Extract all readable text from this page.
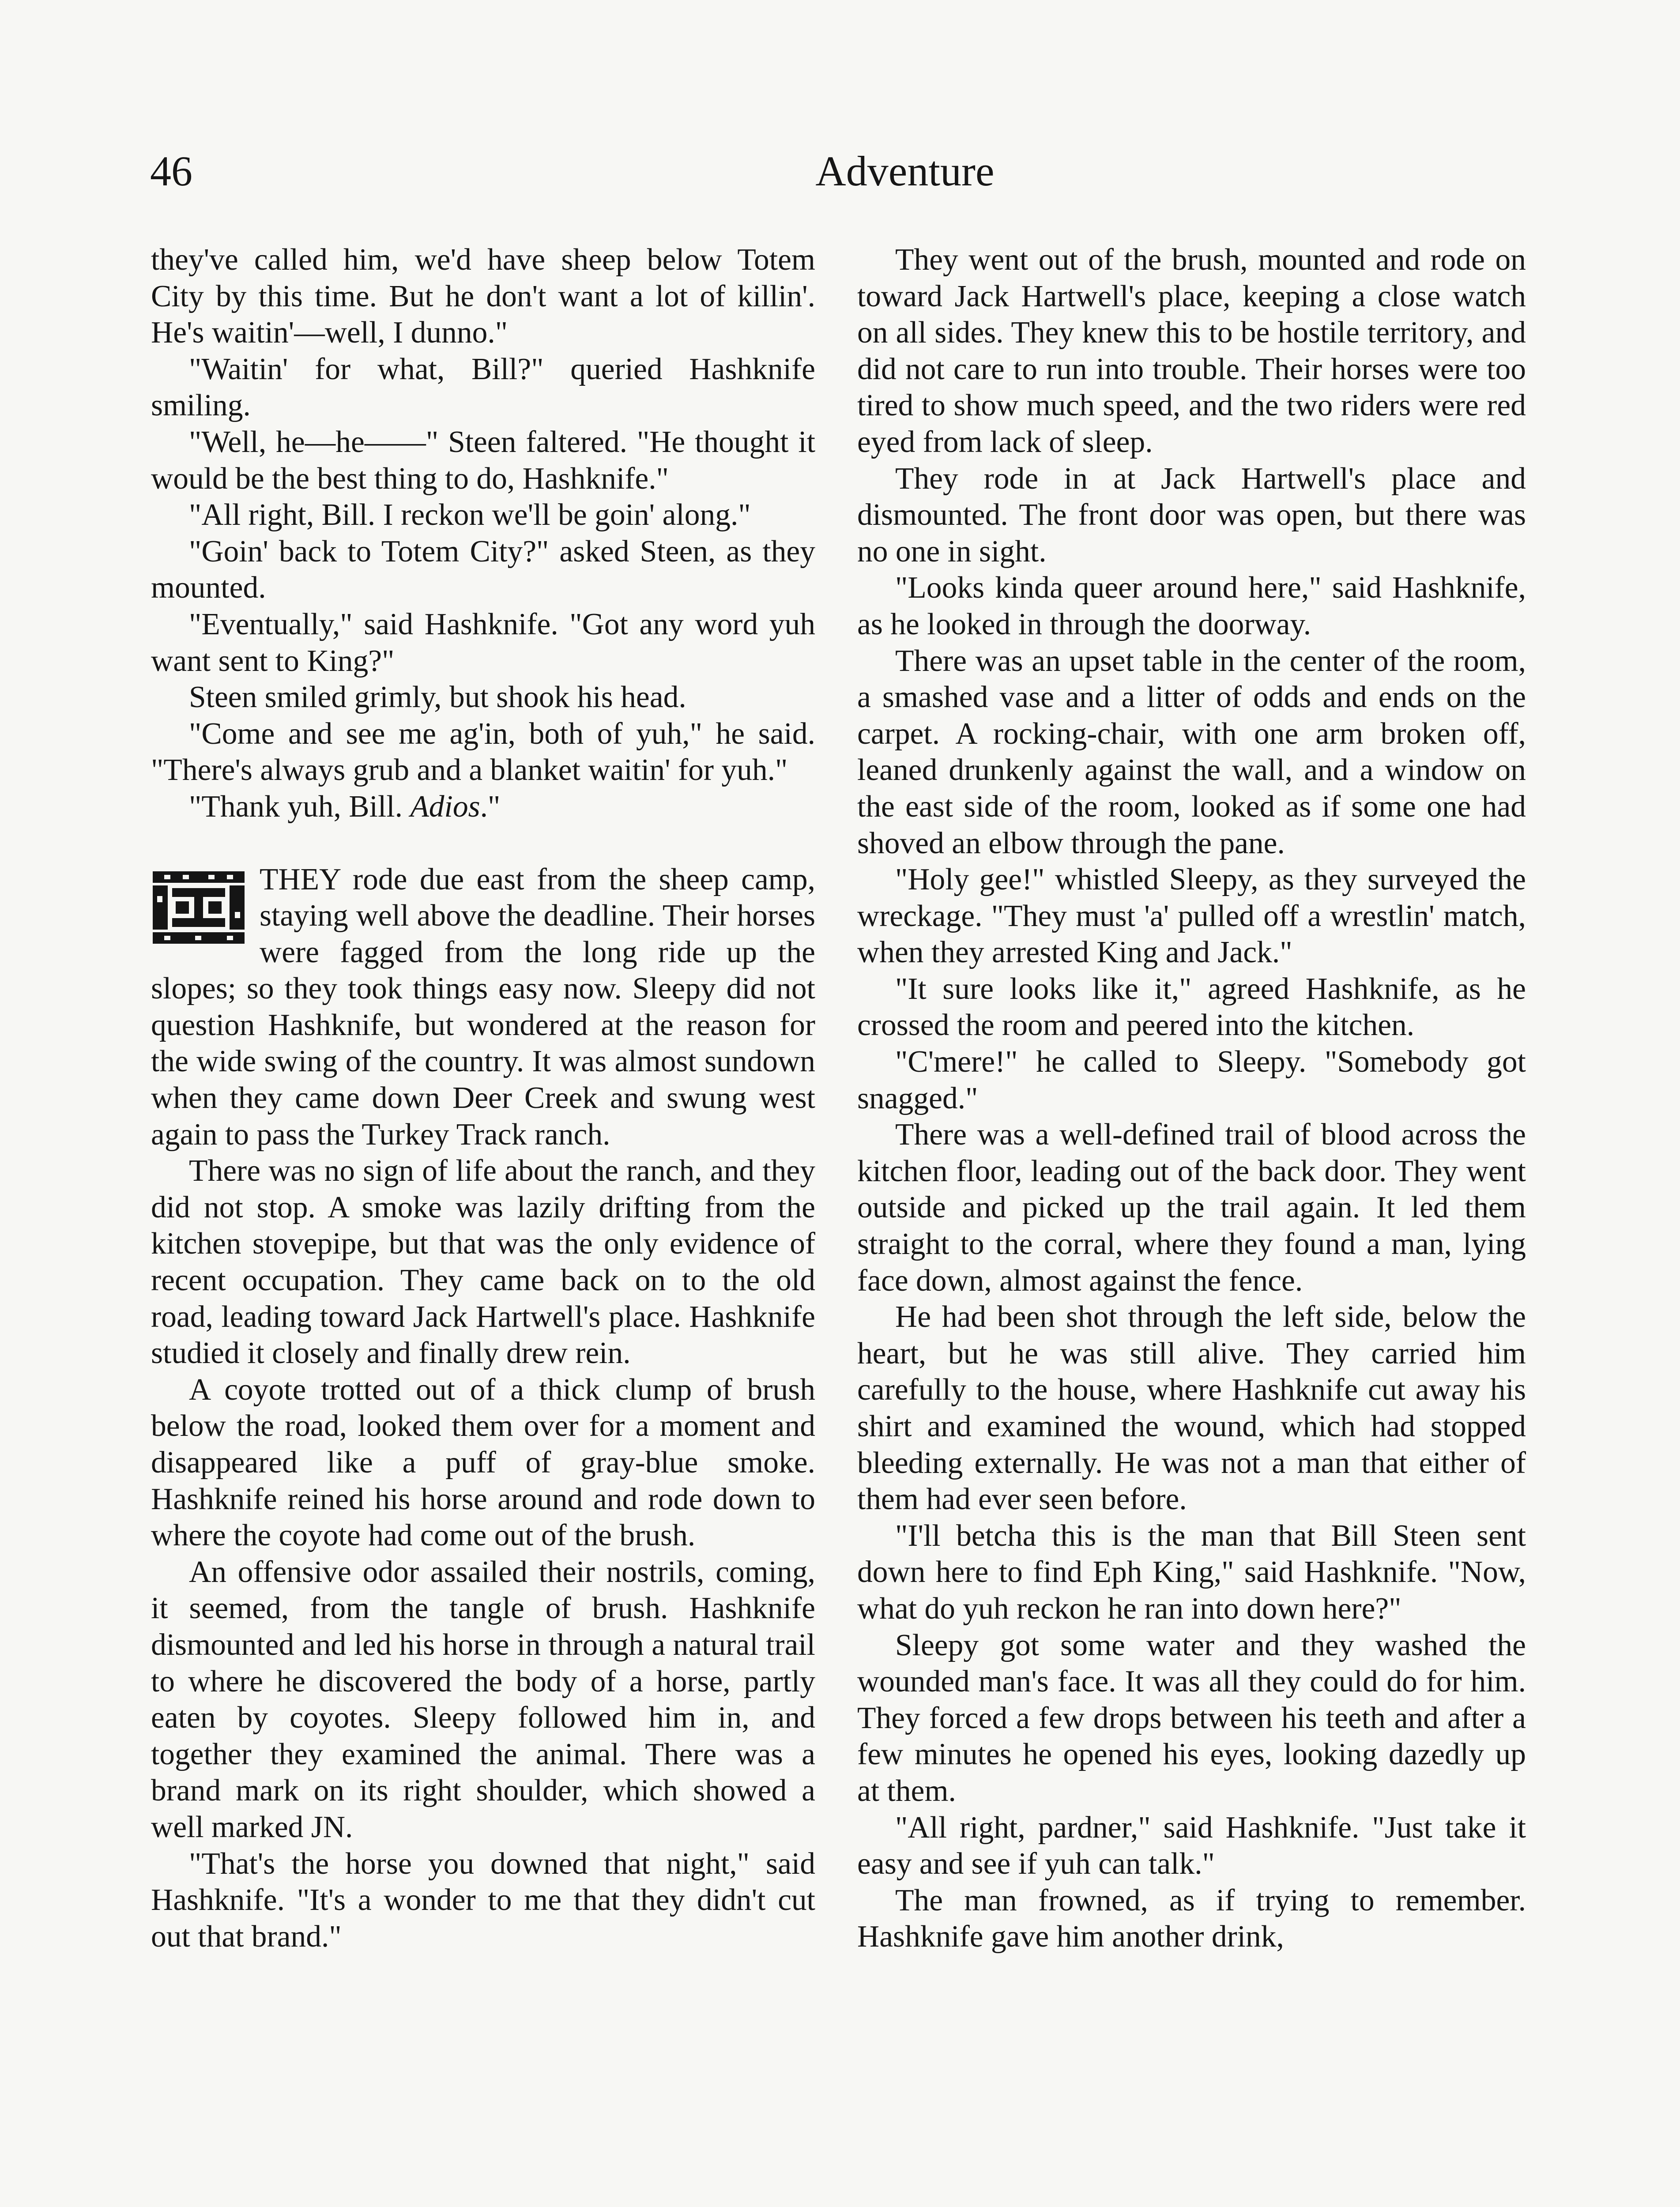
46	Adventure

they've called him, we'd have sheep below Totem City by this time. But he don't want a lot of killin'. He's waitin'—well, I dunno."

"Waitin' for what, Bill?" queried Hashknife smiling.

"Well, he—he——" Steen faltered. "He thought it would be the best thing to do, Hashknife."

"All right, Bill. I reckon we'll be goin' along."

"Goin' back to Totem City?" asked Steen, as they mounted.

"Eventually," said Hashknife. "Got any word yuh want sent to King?"

Steen smiled grimly, but shook his head.

"Come and see me ag'in, both of yuh," he said. "There's always grub and a blanket waitin' for yuh."

"Thank yuh, Bill. Adios."

THEY rode due east from the sheep camp, staying well above the deadline. Their horses were fagged from the long ride up the slopes; so they took things easy now. Sleepy did not question Hashknife, but wondered at the reason for the wide swing of the country. It was almost sundown when they came down Deer Creek and swung west again to pass the Turkey Track ranch.

There was no sign of life about the ranch, and they did not stop. A smoke was lazily drifting from the kitchen stovepipe, but that was the only evidence of recent occupation. They came back on to the old road, leading toward Jack Hartwell's place. Hashknife studied it closely and finally drew rein.

A coyote trotted out of a thick clump of brush below the road, looked them over for a moment and disappeared like a puff of gray-blue smoke. Hashknife reined his horse around and rode down to where the coyote had come out of the brush.

An offensive odor assailed their nostrils, coming, it seemed, from the tangle of brush. Hashknife dismounted and led his horse in through a natural trail to where he discovered the body of a horse, partly eaten by coyotes. Sleepy followed him in, and together they examined the animal. There was a brand mark on its right shoulder, which showed a well marked JN.

"That's the horse you downed that night," said Hashknife. "It's a wonder to me that they didn't cut out that brand."

They went out of the brush, mounted and rode on toward Jack Hartwell's place, keeping a close watch on all sides. They knew this to be hostile territory, and did not care to run into trouble. Their horses were too tired to show much speed, and the two riders were red eyed from lack of sleep.

They rode in at Jack Hartwell's place and dismounted. The front door was open, but there was no one in sight.

"Looks kinda queer around here," said Hashknife, as he looked in through the doorway.

There was an upset table in the center of the room, a smashed vase and a litter of odds and ends on the carpet. A rocking-chair, with one arm broken off, leaned drunkenly against the wall, and a window on the east side of the room, looked as if some one had shoved an elbow through the pane.

"Holy gee!" whistled Sleepy, as they surveyed the wreckage. "They must 'a' pulled off a wrestlin' match, when they arrested King and Jack."

"It sure looks like it," agreed Hashknife, as he crossed the room and peered into the kitchen.

"C'mere!" he called to Sleepy. "Somebody got snagged."

There was a well-defined trail of blood across the kitchen floor, leading out of the back door. They went outside and picked up the trail again. It led them straight to the corral, where they found a man, lying face down, almost against the fence.

He had been shot through the left side, below the heart, but he was still alive. They carried him carefully to the house, where Hashknife cut away his shirt and examined the wound, which had stopped bleeding externally. He was not a man that either of them had ever seen before.

"I'll betcha this is the man that Bill Steen sent down here to find Eph King," said Hashknife. "Now, what do yuh reckon he ran into down here?"

Sleepy got some water and they washed the wounded man's face. It was all they could do for him. They forced a few drops between his teeth and after a few minutes he opened his eyes, looking dazedly up at them.

"All right, pardner," said Hashknife. "Just take it easy and see if yuh can talk."

The man frowned, as if trying to remember. Hashknife gave him another drink,
